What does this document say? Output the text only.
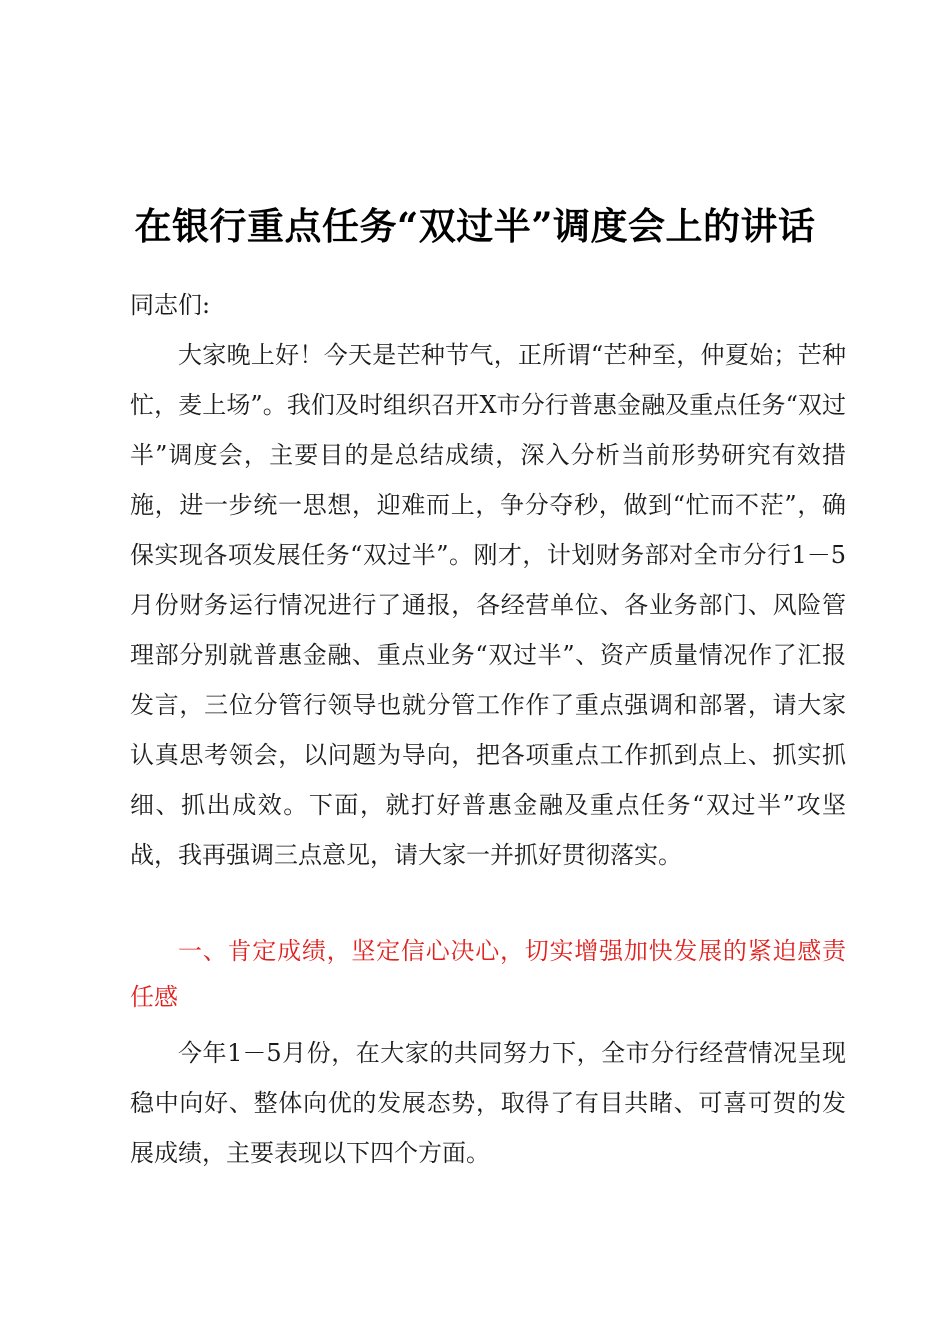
在银行重点任务“双过半”调度会上的讲话
同志们:
大家晚上好！今天是芒种节气，正所谓“芒种至，仲夏始；芒种忙，麦上场”。我们及时组织召开X市分行普惠金融及重点任务“双过半”调度会，主要目的是总结成绩，深入分析当前形势研究有效措施，进一步统一思想，迎难而上，争分夺秒，做到“忙而不茫”，确保实现各项发展任务“双过半”。刚才，计划财务部对全市分行1－5月份财务运行情况进行了通报，各经营单位、各业务部门、风险管理部分别就普惠金融、重点业务“双过半”、资产质量情况作了汇报发言，三位分管行领导也就分管工作作了重点强调和部署，请大家认真思考领会，以问题为导向，把各项重点工作抓到点上、抓实抓细、抓出成效。下面，就打好普惠金融及重点任务“双过半”攻坚战，我再强调三点意见，请大家一并抓好贯彻落实。
一、肯定成绩，坚定信心决心，切实增强加快发展的紧迫感责任感
今年1－5月份，在大家的共同努力下，全市分行经营情况呈现稳中向好、整体向优的发展态势，取得了有目共睹、可喜可贺的发展成绩，主要表现以下四个方面。
